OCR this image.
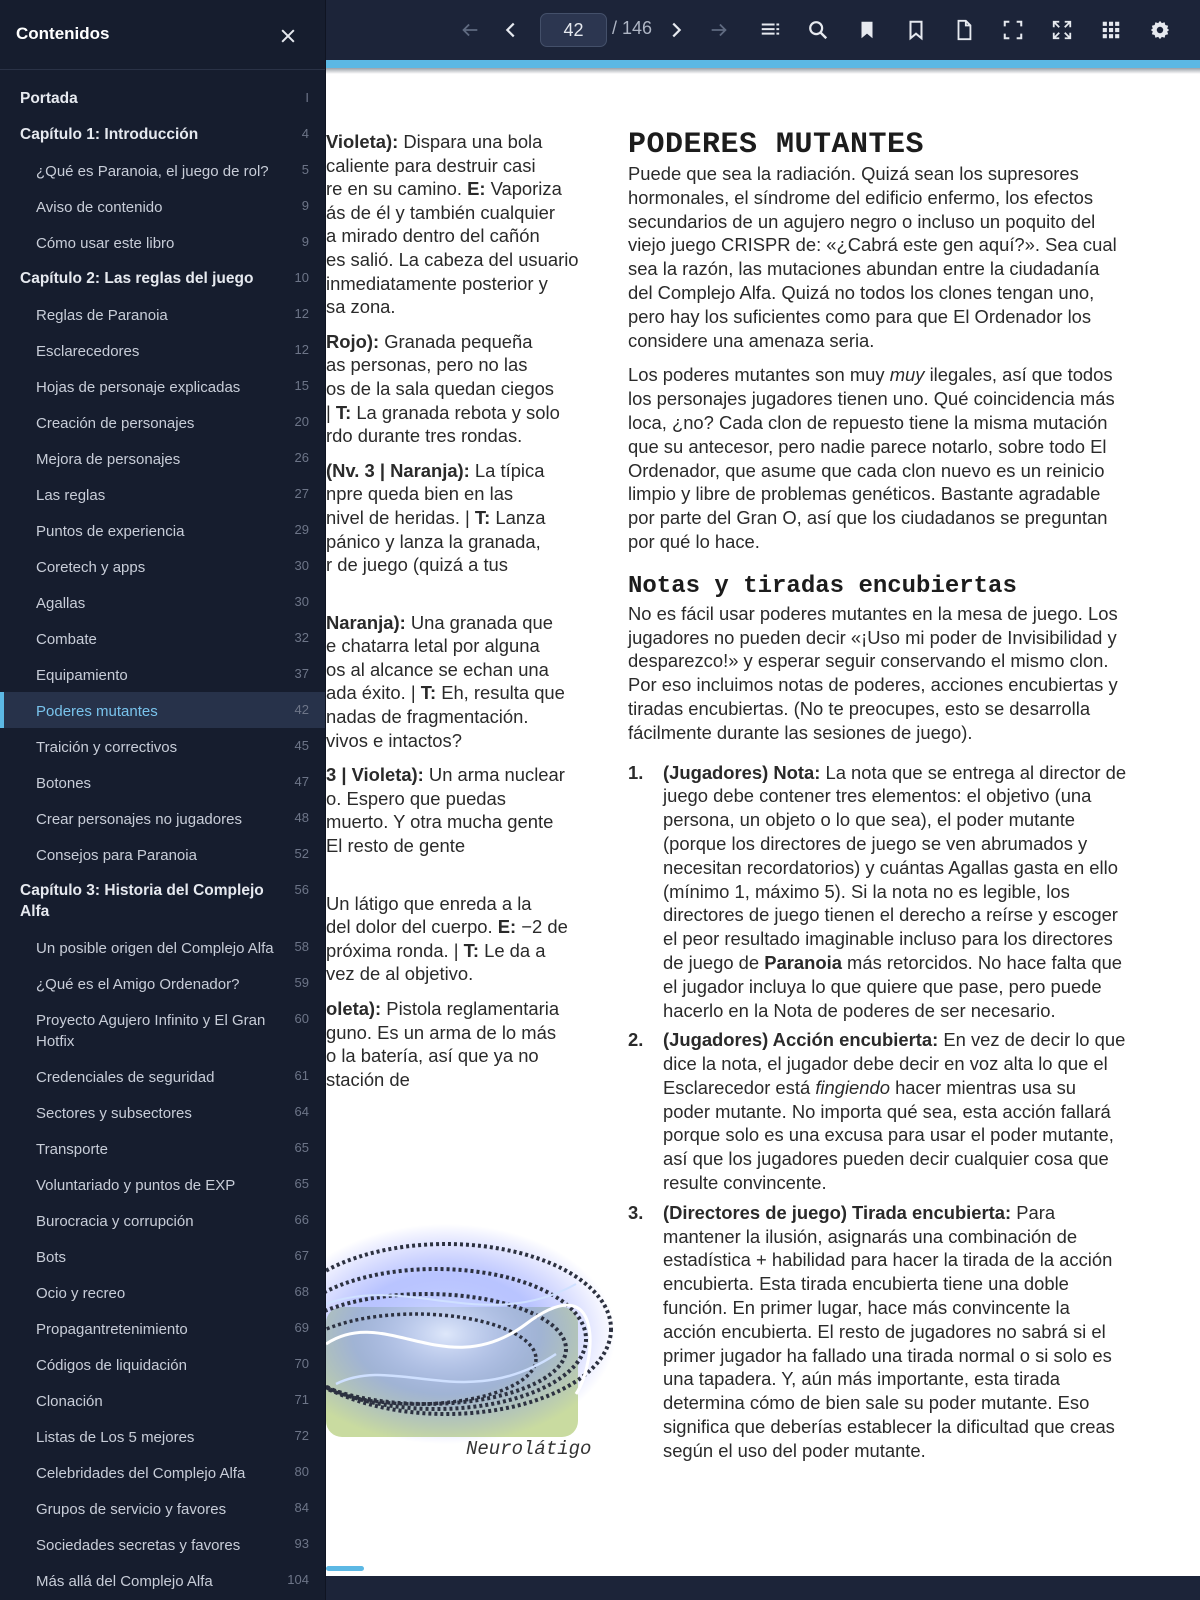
42	/ 146
Violeta): Dispara una bola
caliente para destruir casi
re en su camino. E: Vaporiza
ás de él y también cualquier
a mirado dentro del cañón
es salió. La cabeza del usuario
inmediatamente posterior y
sa zona.
Rojo): Granada pequeña
as personas, pero no las
os de la sala quedan ciegos
| T: La granada rebota y solo
rdo durante tres rondas.
(Nv. 3 | Naranja): La típica
npre queda bien en las
nivel de heridas. | T: Lanza
pánico y lanza la granada,
r de juego (quizá a tus
Naranja): Una granada que
e chatarra letal por alguna
os al alcance se echan una
ada éxito. | T: Eh, resulta que
nadas de fragmentación.
vivos e intactos?
3 | Violeta): Un arma nuclear
o. Espero que puedas
muerto. Y otra mucha gente
El resto de gente
Un látigo que enreda a la
del dolor del cuerpo. E: −2 de
próxima ronda. | T: Le da a
vez de al objetivo.
oleta): Pistola reglamentaria
guno. Es un arma de lo más
o la batería, así que ya no
stación de
Neurolátigo
PODERES MUTANTES

Puede que sea la radiación. Quizá sean los supresores hormonales, el síndrome del edificio enfermo, los efectos secundarios de un agujero negro o incluso un poquito del viejo juego CRISPR de: «¿Cabrá este gen aquí?». Sea cual sea la razón, las mutaciones abundan entre la ciudadanía del Complejo Alfa. Quizá no todos los clones tengan uno, pero hay los suficientes como para que El Ordenador los considere una amenaza seria.

Los poderes mutantes son muy muy ilegales, así que todos los personajes jugadores tienen uno. Qué coincidencia más loca, ¿no? Cada clon de repuesto tiene la misma mutación que su antecesor, pero nadie parece notarlo, sobre todo El Ordenador, que asume que cada clon nuevo es un reinicio limpio y libre de problemas genéticos. Bastante agradable por parte del Gran O, así que los ciudadanos se preguntan por qué lo hace.

Notas y tiradas encubiertas

No es fácil usar poderes mutantes en la mesa de juego. Los jugadores no pueden decir «¡Uso mi poder de Invisibilidad y desparezco!» y esperar seguir conservando el mismo clon. Por eso incluimos notas de poderes, acciones encubiertas y tiradas encubiertas. (No te preocupes, esto se desarrolla fácilmente durante las sesiones de juego).

1. (Jugadores) Nota: La nota que se entrega al director de juego debe contener tres elementos: el objetivo (una persona, un objeto o lo que sea), el poder mutante (porque los directores de juego se ven abrumados y necesitan recordatorios) y cuántas Agallas gasta en ello (mínimo 1, máximo 5). Si la nota no es legible, los directores de juego tienen el derecho a reírse y escoger el peor resultado imaginable incluso para los directores de juego de Paranoia más retorcidos. No hace falta que el jugador incluya lo que quiere que pase, pero puede hacerlo en la Nota de poderes de ser necesario.
2. (Jugadores) Acción encubierta: En vez de decir lo que dice la nota, el jugador debe decir en voz alta lo que el Esclarecedor está fingiendo hacer mientras usa su poder mutante. No importa qué sea, esta acción fallará porque solo es una excusa para usar el poder mutante, así que los jugadores pueden decir cualquier cosa que resulte convincente.
3. (Directores de juego) Tirada encubierta: Para mantener la ilusión, asignarás una combinación de estadística + habilidad para hacer la tirada de la acción encubierta. Esta tirada encubierta tiene una doble función. En primer lugar, hace más convincente la acción encubierta. El resto de jugadores no sabrá si el primer jugador ha fallado una tirada normal o si solo es una tapadera. Y, aún más importante, esta tirada determina cómo de bien sale su poder mutante. Eso significa que deberías establecer la dificultad que creas según el uso del poder mutante.
Contenidos
Portada	I
Capítulo 1: Introducción	4
¿Qué es Paranoia, el juego de rol?	5
Aviso de contenido	9
Cómo usar este libro	9
Capítulo 2: Las reglas del juego	10
Reglas de Paranoia	12
Esclarecedores	12
Hojas de personaje explicadas	15
Creación de personajes	20
Mejora de personajes	26
Las reglas	27
Puntos de experiencia	29
Coretech y apps	30
Agallas	30
Combate	32
Equipamiento	37
Poderes mutantes	42
Traición y correctivos	45
Botones	47
Crear personajes no jugadores	48
Consejos para Paranoia	52
Capítulo 3: Historia del Complejo Alfa
56
Un posible origen del Complejo Alfa	58
¿Qué es el Amigo Ordenador?	59
Proyecto Agujero Infinito y El Gran Hotfix
60
Credenciales de seguridad	61
Sectores y subsectores	64
Transporte	65
Voluntariado y puntos de EXP	65
Burocracia y corrupción	66
Bots	67
Ocio y recreo	68
Propagantretenimiento	69
Códigos de liquidación	70
Clonación	71
Listas de Los 5 mejores	72
Celebridades del Complejo Alfa	80
Grupos de servicio y favores	84
Sociedades secretas y favores	93
Más allá del Complejo Alfa	104
